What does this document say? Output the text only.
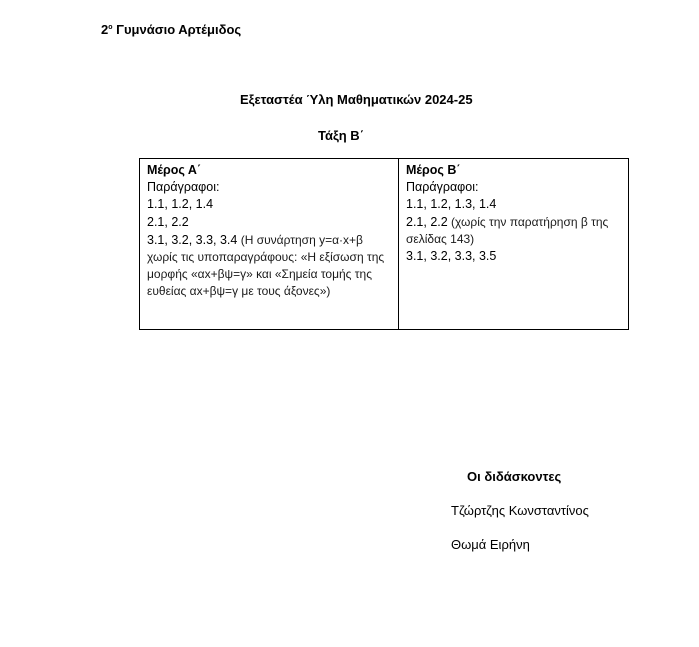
$2^o$ Γυμνάσιο Αρτέμιδος
Εξεταστέα Ύλη Μαθηματικών 2024-25
Τάξη Β΄
Μέρος Α΄
Παράγραφοι:
1.1, 1.2, 1.4
2.1, 2.2
3.1, 3.2, 3.3, 3.4 (Η συνάρτηση y=α·x+β χωρίς τις υποπαραγράφους: «Η εξίσωση της μορφής «αx+βψ=γ» και «Σημεία τομής της ευθείας αx+βψ=γ με τους άξονες»)

Μέρος Β΄
Παράγραφοι:
1.1, 1.2, 1.3, 1.4
2.1, 2.2 (χωρίς την παρατήρηση β της σελίδας 143)
3.1, 3.2, 3.3, 3.5
Οι διδάσκοντες
Τζώρτζης Κωνσταντίνος
Θωμά Ειρήνη
